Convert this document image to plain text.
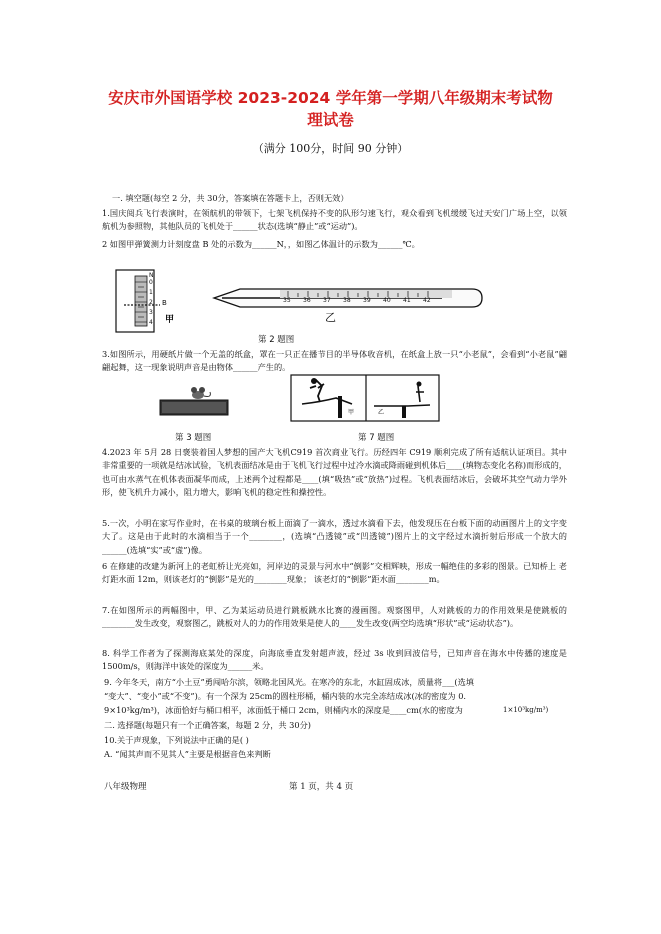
安庆市外国语学校 2023-2024 学年第一学期八年级期末考试物
理试卷
（满分 100分，时间 90 分钟）
一. 填空题(每空 2 分，共 30分，答案填在答题卡上，否则无效）
1.国庆阅兵飞行表演时，在领航机的带领下，七架飞机保持不变的队形匀速飞行，观众看到飞机缓缓飞过天安门广场上空，以领航机为参照物，其他队员的飞机处于______状态(选填“静止”或“运动”)。
2 如图甲弹簧测力计刻度盘 B 处的示数为______N，，如图乙体温计的示数为______℃。
N
0
1
2
3
4
B
甲
35 36 37 38 39 40 41 42
乙
第 2 题图
3.如图所示，用硬纸片做一个无盖的纸盒，罩在一只正在播节目的半导体收音机，在纸盒上放一只“小老鼠”，会看到“小老鼠”翩翩起舞，这一现象说明声音是由物体______产生的。
甲	乙
第 3 题图	第 7 题图
4.2023 年 5月 28 日褒装着国人梦想的国产大飞机C919 首次商业飞行。历经四年 C919 顺利完成了所有适航认证项目。其中非常重要的一项就是结冰试验，飞机表面结冰是由于飞机飞行过程中过冷水滴或降雨碰到机体后____(填物态变化名称)而形成的，也可由水蒸气在机体表面凝华而成，上述两个过程都是____(填“吸热”或“放热”)过程。飞机表面结冰后，会破坏其空气动力学外形，使飞机升力减小，阻力增大，影响飞机的稳定性和操控性。
5.一次，小明在家写作业时，在书桌的玻璃台板上面滴了一滴水，透过水滴看下去，他发现压在台板下面的动画图片上的文字变大了。这是由于此时的水滴相当于一个________，(选填“凸透镜”或“凹透镜”)图片上的文字经过水滴折射后形成一个放大的______(选填“实”或“虚”)像。
6 在修建的改建为新河上的老虹桥让光亮如，河岸边的灵景与河水中“倒影”交相辉映，形成一幅绝佳的多彩的图景。已知桥上 老灯距水面 12m，则该老灯的“倒影”是光的________现象； 该老灯的“倒影”距水面________m。
7.在如图所示的两幅图中，甲、乙为某运动员进行跳板跳水比赛的漫画图。观察图甲，人对跳板的力的作用效果是使跳板的________发生改变，观察图乙，跳板对人的力的作用效果是使人的____发生改变(两空均选填“形状”或“运动状态”)。
8. 科学工作者为了探测海底某处的深度，向海底垂直发射超声波，经过 3s 收到回波信号，已知声音在海水中传播的速度是 1500m/s，则海洋中该处的深度为______米。
9. 今年冬天，南方“小土豆”勇闯哈尔滨，领略北国风光。在寒冷的东北，水缸固成冰，质量将___(选填
“变大”、“变小”或“不变”)。有一个深为 25cm的圆柱形桶，桶内装的水完全冻结成冰(冰的密度为 0.
9×10³kg/m³)，冰面恰好与桶口相平，冰面低于桶口 2cm，则桶内水的深度是____cm(水的密度为	1×10³kg/m³)
二. 选择题(每题只有一个正确答案，每题 2 分，共 30分)
10.关于声现象，下列说法中正确的是( )
A. “闻其声而不见其人”主要是根据音色来判断
八年级物理	第 1 页，共 4 页
